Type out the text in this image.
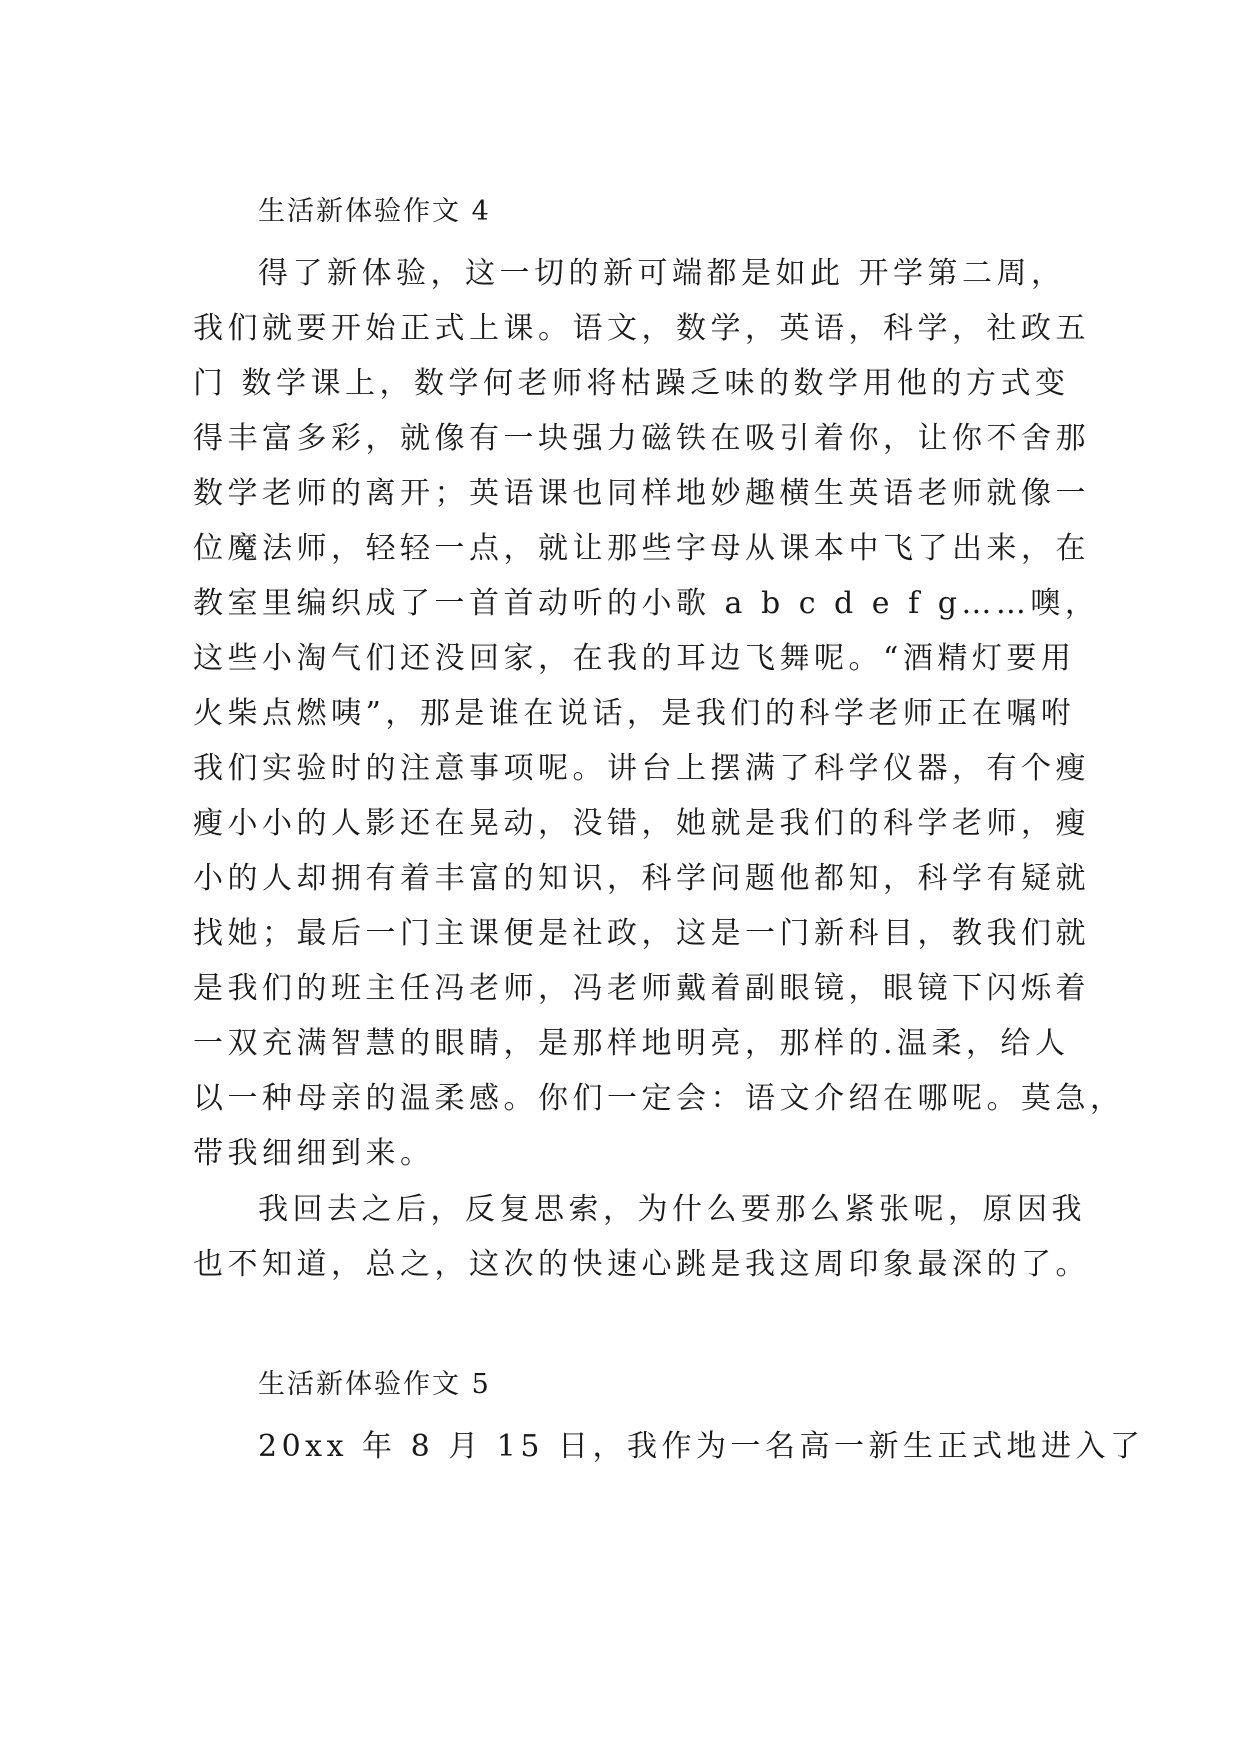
生活新体验作文 4
得了新体验，这一切的新可端都是如此 开学第二周，
我们就要开始正式上课。语文，数学，英语，科学，社政五
门 数学课上，数学何老师将枯躁乏味的数学用他的方式变
得丰富多彩，就像有一块强力磁铁在吸引着你，让你不舍那
数学老师的离开；英语课也同样地妙趣横生英语老师就像一
位魔法师，轻轻一点，就让那些字母从课本中飞了出来，在
教室里编织成了一首首动听的小歌 a b c d e f g……噢，
这些小淘气们还没回家，在我的耳边飞舞呢。“酒精灯要用
火柴点燃咦”，那是谁在说话，是我们的科学老师正在嘱咐
我们实验时的注意事项呢。讲台上摆满了科学仪器，有个瘦
瘦小小的人影还在晃动，没错，她就是我们的科学老师，瘦
小的人却拥有着丰富的知识，科学问题他都知，科学有疑就
找她；最后一门主课便是社政，这是一门新科目，教我们就
是我们的班主任冯老师，冯老师戴着副眼镜，眼镜下闪烁着
一双充满智慧的眼睛，是那样地明亮，那样的.温柔，给人
以一种母亲的温柔感。你们一定会：语文介绍在哪呢。莫急，
带我细细到来。
我回去之后，反复思索，为什么要那么紧张呢，原因我
也不知道，总之，这次的快速心跳是我这周印象最深的了。
生活新体验作文 5
20xx 年 8 月 15 日，我作为一名高一新生正式地进入了
